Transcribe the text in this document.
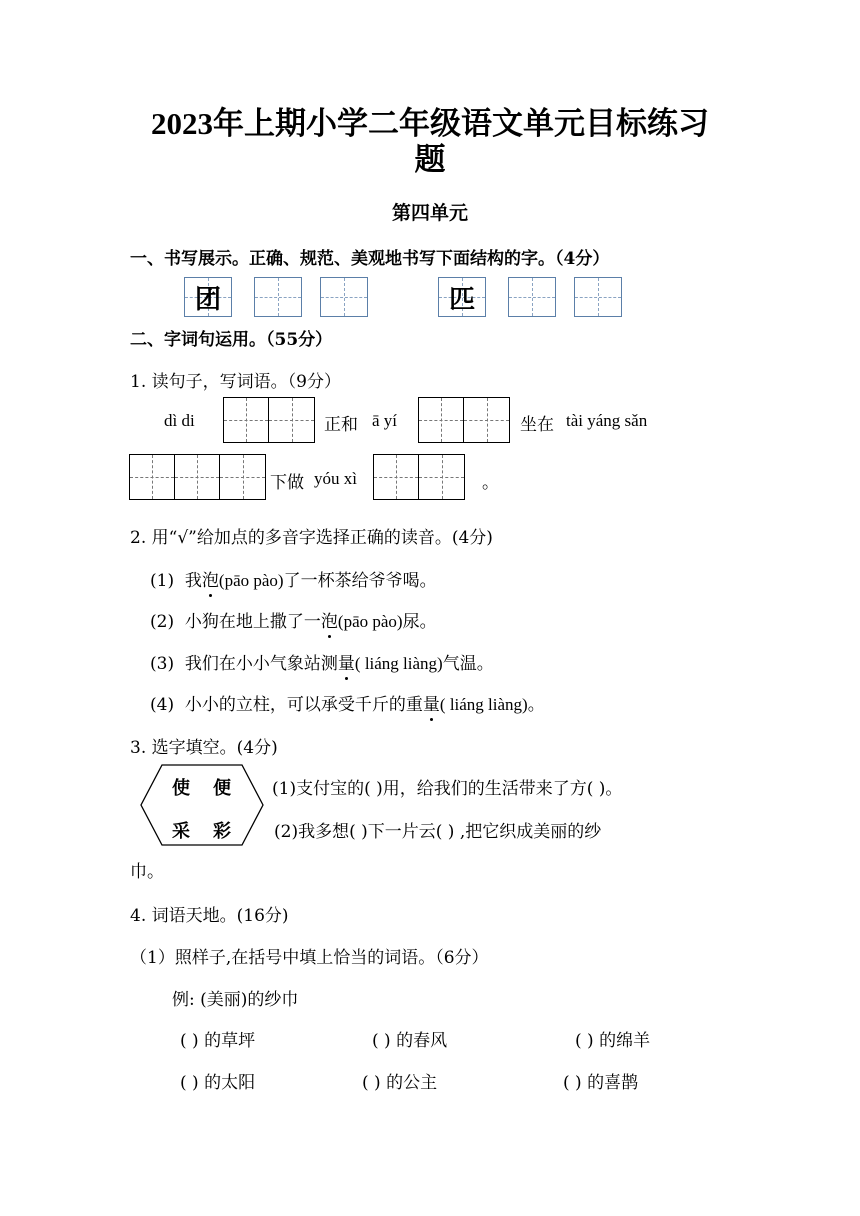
2023年上期小学二年级语文单元目标练习
题
第四单元
一、书写展示。正确、规范、美观地书写下面结构的字。（4分）
团	匹
二、字词句运用。（55分）
1. 读句子，写词语。（9分）
dì di	正和 ā yí	坐在 tài yáng sǎn
下做 yóu xì	。
2. 用“√”给加点的多音字选择正确的读音。(4分)
(1) 我泡(pāo pào)了一杯茶给爷爷喝。
(2) 小狗在地上撒了一泡(pāo pào)尿。
(3) 我们在小小气象站测量( liáng liàng)气温。
(4) 小小的立柱，可以承受千斤的重量( liáng liàng)。
3. 选字填空。(4分)
使 便
采 彩
(1)支付宝的( )用，给我们的生活带来了方( )。
(2)我多想( )下一片云( ) ,把它织成美丽的纱
巾。
4. 词语天地。(16分)
（1）照样子,在括号中填上恰当的词语。（6分）
例: (美丽)的纱巾
( ) 的草坪	( ) 的春风	( ) 的绵羊
( ) 的太阳	( ) 的公主	( ) 的喜鹊
